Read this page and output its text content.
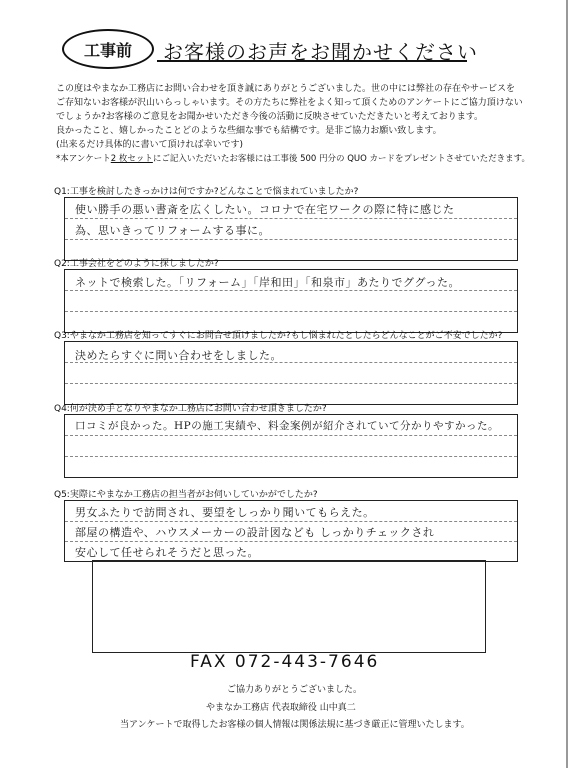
工事前 お客様のお声をお聞かせください
この度はやまなか工務店にお問い合わせを頂き誠にありがとうございました。世の中には弊社の存在やサービスを
ご存知ないお客様が沢山いらっしゃいます。その方たちに弊社をよく知って頂くためのアンケートにご協力頂けない
でしょうか?お客様のご意見をお聞かせいただき今後の活動に反映させていただきたいと考えております。
良かったこと、嬉しかったことどのような些細な事でも結構です。是非ご協力お願い致します。
(出来るだけ具体的に書いて頂ければ幸いです)
*本アンケート2 枚セットにご記入いただいたお客様には工事後 500 円分の QUO カードをプレゼントさせていただきます。
Q1:工事を検討したきっかけは何ですか?どんなことで悩まれていましたか?
使い勝手の悪い書斎を広くしたい。コロナで在宅ワークの際に特に感じた
為、思いきってリフォームする事に。
Q2:工事会社をどのように探しましたか?
ネットで検索した。「リフォーム」「岸和田」「和泉市」あたりでググった。
Q3:やまなか工務店を知ってすぐにお問合せ頂けましたか?もし悩まれたとしたらどんなことがご不安でしたか?
決めたらすぐに問い合わせをしました。
Q4:何が決め手となりやまなか工務店にお問い合わせ頂きましたか?
口コミが良かった。HPの施工実績や、料金案例が紹介されていて分かりやすかった。
Q5:実際にやまなか工務店の担当者がお伺いしていかがでしたか?
男女ふたりで訪問され、要望をしっかり聞いてもらえた。
部屋の構造や、ハウスメーカーの設計図なども しっかりチェックされ
安心して任せられそうだと思った。
FAX 072-443-7646
ご協力ありがとうございました。
やまなか工務店 代表取締役 山中真二
当アンケートで取得したお客様の個人情報は関係法規に基づき厳正に管理いたします。
